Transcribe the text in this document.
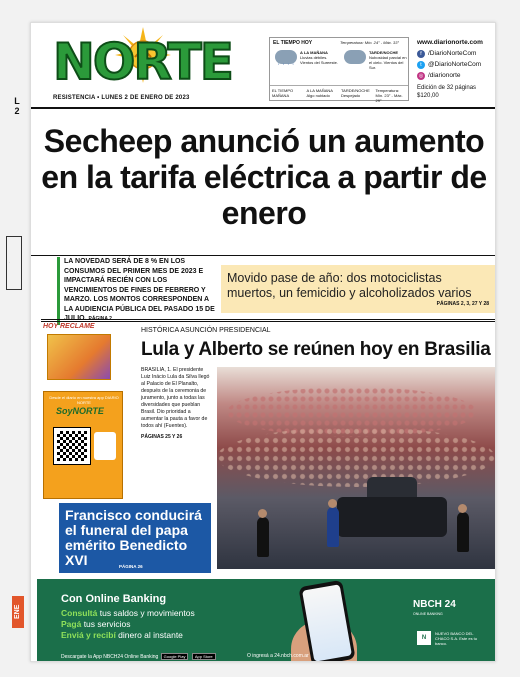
NORTE
RESISTENCIA • LUNES 2 DE ENERO DE 2023
EL TIEMPO HOY	Temperatura: Mín. 24° - Máx. 33°
' ' ' '
A LA MAÑANA
Lluvias débiles. Vientos del Sureeste.
TARDE/NOCHE
Nubosidad parcial en el cielo. Vientos del Sur.
EL TIEMPO MAÑANA
A LA MAÑANA Algo nublado
TARDE/NOCHE Despejado
Temperatura: Mín. 23° - Máx. 29°
www.diarionorte.com
f /DiarioNorteCom
t @DiarioNorteCom
◎ /diarionorte
Edición de 32 páginas
$120,00
Secheep anunció un aumento en la tarifa eléctrica a partir de enero
LA NOVEDAD SERÁ DE 8 % EN LOS CONSUMOS DEL PRIMER MES DE 2023 E IMPACTARÁ RECIÉN CON LOS VENCIMIENTOS DE FINES DE FEBRERO Y MARZO. LOS MONTOS CORRESPONDEN A LA AUDIENCIA PÚBLICA DEL PASADO 15 DE JULIO. PÁGINA 2
Movido pase de año: dos motociclistas muertos, un femicidio y alcoholizados varios
PÁGINAS 2, 3, 27 Y 28
HOY RECLAME
Desde el diario en nuestra app DIARIO NORTE
SoyNORTE
HISTÓRICA ASUNCIÓN PRESIDENCIAL
Lula y Alberto se reúnen hoy en Brasilia
BRASILIA, 1. El presidente Luiz Inácio Lula da Silva llegó al Palacio de El Planalto, después de la ceremonia de juramento, junto a todas las diversidades que pueblan Brasil. Dio prioridad a aumentar la pauta a favor de todos ahí (Fuentes).
PÁGINAS 25 Y 26
Francisco conducirá el funeral del papa emérito Benedicto XVI	PÁGINA 26
Con Online Banking
Consultá tus saldos y movimientos
Pagá tus servicios
Enviá y recibí dinero al instante
NBCH 24
ONLINE BANKING
N
NUEVO BANCO DEL CHACO S.A. Este es tu banco.
Descargate la App NBCH24 Online Banking Google Play App Store	O ingresá a 24.nbch.com.ar
L
2
·
ENE
